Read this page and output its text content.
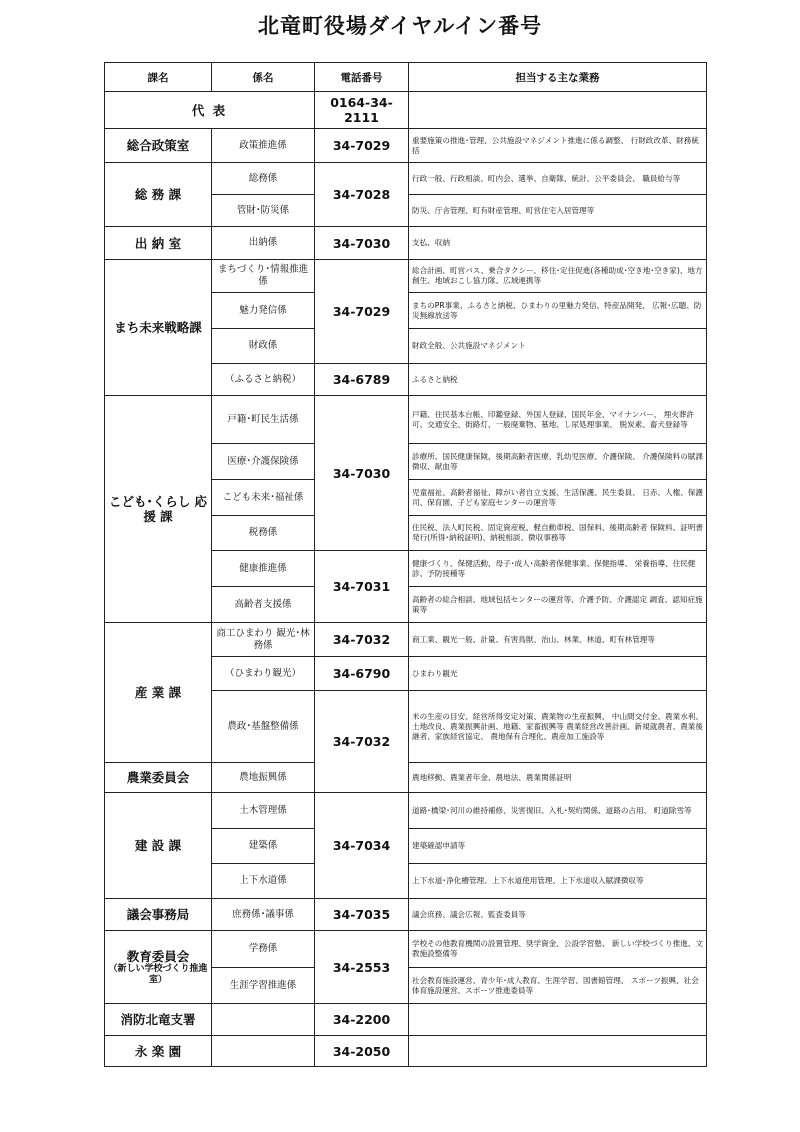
北竜町役場ダイヤルイン番号
課名	係名	電話番号	担当する主な業務
代 表		0164-34-2111	
総合政策室	政策推進係	34-7029	重要施策の推進･管理、公共施設マネジメント推進に係る調整、 行財政改革、財務統括
総 務 課	総務係	34-7028	行政一般、行政相談、町内会、選挙、自衛隊、統計、公平委員会、 職員給与等
	管財･防災係		防災、庁舎管理、町有財産管理、町営住宅入居管理等
出 納 室	出納係	34-7030	支払、収納
まち未来戦略課	まちづくり･情報推進係	34-7029	総合計画、町営バス、乗合タクシー、移住･定住促進(各種助成･空き地･空き家)、地方創生、地域おこし協力隊、広域連携等
	魅力発信係		まちのPR事業、ふるさと納税、ひまわりの里魅力発信、特産品開発、 広報･広聴、防災無線放送等
	財政係		財政全般、公共施設マネジメント
	（ふるさと納税）	34-6789	ふるさと納税
こども･くらし 応 援 課	戸籍･町民生活係	34-7030	戸籍、住民基本台帳、印鑑登録、外国人登録、国民年金、マイナンバー、 埋火葬許可、交通安全、街路灯、一般廃棄物、墓地、し尿処理事業、 脱炭素、畜犬登録等
	医療･介護保険係		診療所、国民健康保険、後期高齢者医療、乳幼児医療、介護保険、 介護保険料の賦課徴収、献血等
	こども未来･福祉係		児童福祉、高齢者福祉、障がい者自立支援、生活保護、民生委員、 日赤、人権、保護司、保育園、子ども家庭センターの運営等
	税務係		住民税、法人町民税、固定資産税、軽自動車税、国保料、後期高齢者 保険料、証明書発行(所得･納税証明)、納税相談、徴収事務等
	健康推進係	34-7031	健康づくり、保健活動、母子･成人･高齢者保健事業、保健指導、 栄養指導、住民健診、予防接種等
	高齢者支援係		高齢者の総合相談、地域包括センターの運営等、介護予防、介護認定 調査、認知症施策等
産 業 課	商工ひまわり 観光･林務係	34-7032	商工業、観光一般、計量、有害鳥獣、治山、林業、林道、町有林管理等
	（ひまわり観光）	34-6790	ひまわり観光
	農政･基盤整備係	34-7032	米の生産の目安、経営所得安定対策、農業物の生産振興、 中山間交付金、農業水利、土地改良、農業振興計画、地籍、家畜振興等 農業経営改善計画、新規就農者、農業後継者、家族経営協定、 農地保有合理化、農産加工施設等
農業委員会	農地振興係		農地移動、農業者年金、農地法、農業関係証明
建 設 課	土木管理係	34-7034	道路･橋梁･河川の維持補修、災害復旧、入札･契約関係、道路の占用、 町道除雪等
	建築係		建築確認申請等
	上下水道係		上下水道･浄化槽管理、上下水道使用管理、上下水道収入賦課徴収等
議会事務局	庶務係･議事係	34-7035	議会庶務、議会広報、監査委員等

教育委員会
（新しい学校づくり推進室）	学務係	34-2553	学校その他教育機関の設置管理、奨学資金、公設学習塾、 新しい学校づくり推進、文教施設整備等
	生涯学習推進係		社会教育施設運営、青少年･成人教育、生涯学習、図書館管理、 スポーツ振興、社会体育施設運営、スポーツ推進委員等
消防北竜支署		34-2200	
永 楽 園		34-2050	
